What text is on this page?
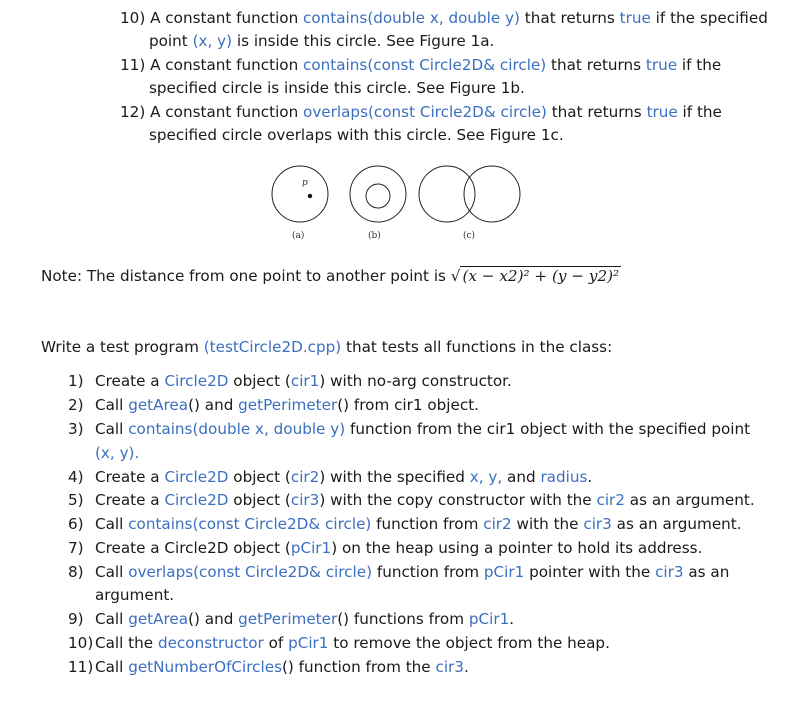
10) A constant function contains(double x, double y) that returns true if the specified
point (x, y) is inside this circle. See Figure 1a.
11) A constant function contains(const Circle2D& circle) that returns true if the
specified circle is inside this circle. See Figure 1b.
12) A constant function overlaps(const Circle2D& circle) that returns true if the
specified circle overlaps with this circle. See Figure 1c.
p
(a)	(b)	(c)
Note: The distance from one point to another point is √ (x − x2)² + (y − y2)²
Write a test program (testCircle2D.cpp) that tests all functions in the class:
1) Create a Circle2D object (cir1) with no-arg constructor.
2) Call getArea() and getPerimeter() from cir1 object.
3) Call contains(double x, double y) function from the cir1 object with the specified point
(x, y).
4) Create a Circle2D object (cir2) with the specified x, y, and radius.
5) Create a Circle2D object (cir3) with the copy constructor with the cir2 as an argument.
6) Call contains(const Circle2D& circle) function from cir2 with the cir3 as an argument.
7) Create a Circle2D object (pCir1) on the heap using a pointer to hold its address.
8) Call overlaps(const Circle2D& circle) function from pCir1 pointer with the cir3 as an
argument.
9) Call getArea() and getPerimeter() functions from pCir1.
10) Call the deconstructor of pCir1 to remove the object from the heap.
11) Call getNumberOfCircles() function from the cir3.
